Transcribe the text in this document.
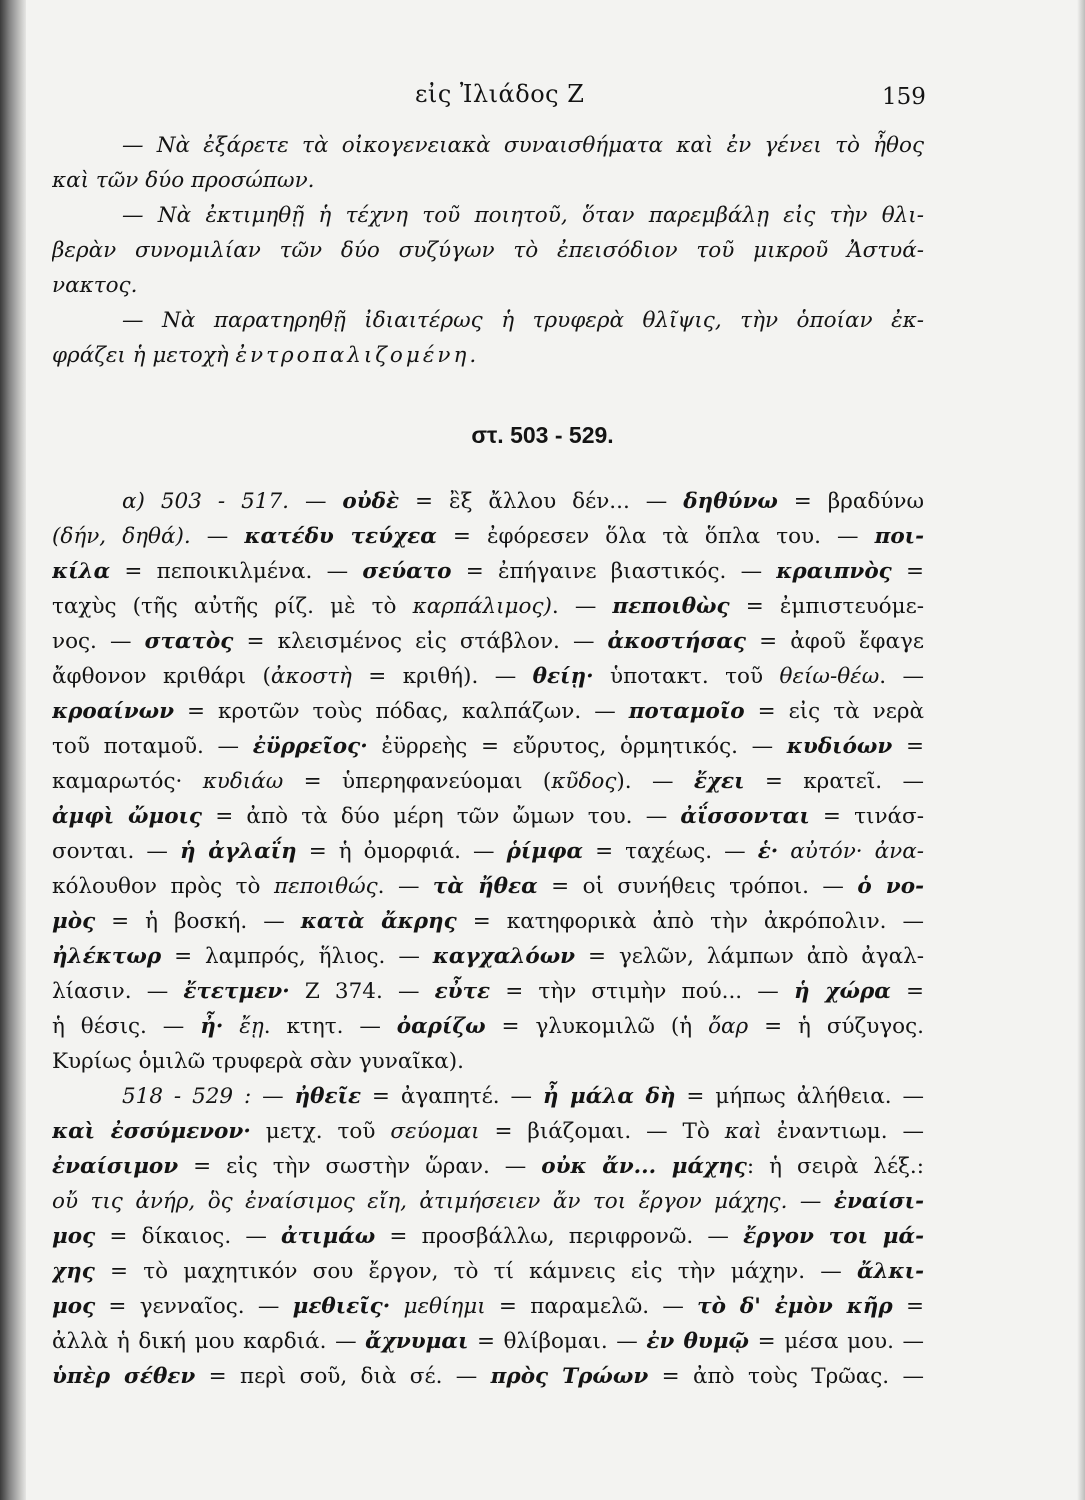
εἰς Ἰλιάδος Ζ	159
— Νὰ ἐξάρετε τὰ οἰκογενειακὰ συναισθήματα καὶ ἐν γένει τὸ ἦθος
καὶ τῶν δύο προσώπων.
— Νὰ ἐκτιμηθῇ ἡ τέχνη τοῦ ποιητοῦ, ὅταν παρεμβάλῃ εἰς τὴν θλι-
βερὰν συνομιλίαν τῶν δύο συζύγων τὸ ἐπεισόδιον τοῦ μικροῦ Ἀστυά-
νακτος.
— Νὰ παρατηρηθῇ ἰδιαιτέρως ἡ τρυφερὰ θλῖψις, τὴν ὁποίαν ἐκ-
φράζει ἡ μετοχὴ ἐντροπαλιζομένη.
στ. 503 - 529.
α) 503 - 517. — οὐδὲ = ἒξ ἄλλου δέν... — δηθύνω = βραδύνω
(δήν, δηθά). — κατέδυ τεύχεα = ἐφόρεσεν ὅλα τὰ ὅπλα του. — ποι-
κίλα = πεποικιλμένα. — σεύατο = ἐπήγαινε βιαστικός. — κραιπνὸς =
ταχὺς (τῆς αὐτῆς ρίζ. μὲ τὸ καρπάλιμος). — πεποιθὼς = ἐμπιστευόμε-
νος. — στατὸς = κλεισμένος εἰς στάβλον. — ἀκοστήσας = ἀφοῦ ἔφαγε
ἄφθονον κριθάρι (ἀκοστὴ = κριθή). — θείῃ· ὑποτακτ. τοῦ θείω-θέω. —
κροαίνων = κροτῶν τοὺς πόδας, καλπάζων. — ποταμοῖο = εἰς τὰ νερὰ
τοῦ ποταμοῦ. — ἐϋρρεῖος· ἐϋρρεὴς = εὔρυτος, ὁρμητικός. — κυδιόων =
καμαρωτός· κυδιάω = ὑπερηφανεύομαι (κῦδος). — ἔχει = κρατεῖ. —
ἀμφὶ ὤμοις = ἀπὸ τὰ δύο μέρη τῶν ὤμων του. — ἀΐσσονται = τινάσ-
σονται. — ἡ ἀγλαΐη = ἡ ὀμορφιά. — ῥίμφα = ταχέως. — ἑ· αὐτόν· ἀνα-
κόλουθον πρὸς τὸ πεποιθώς. — τὰ ἤθεα = οἱ συνήθεις τρόποι. — ὁ νο-
μὸς = ἡ βοσκή. — κατὰ ἄκρης = κατηφορικὰ ἀπὸ τὴν ἀκρόπολιν. —
ἠλέκτωρ = λαμπρός, ἥλιος. — καγχαλόων = γελῶν, λάμπων ἀπὸ ἀγαλ-
λίασιν. — ἔτετμεν· Ζ 374. — εὖτε = τὴν στιμὴν πού... — ἡ χώρα =
ἡ θέσις. — ἦ· ἔῃ. κτητ. — ὀαρίζω = γλυκομιλῶ (ἡ ὄαρ = ἡ σύζυγος.
Κυρίως ὁμιλῶ τρυφερὰ σὰν γυναῖκα).
518 - 529 : — ἠθεῖε = ἀγαπητέ. — ἦ μάλα δὴ = μήπως ἀλήθεια. —
καὶ ἐσσύμενον· μετχ. τοῦ σεύομαι = βιάζομαι. — Τὸ καὶ ἐναντιωμ. —
ἐναίσιμον = εἰς τὴν σωστὴν ὥραν. — οὐκ ἄν... μάχης: ἡ σειρὰ λέξ.:
οὔ τις ἀνήρ, ὃς ἐναίσιμος εἴη, ἀτιμήσειεν ἄν τοι ἔργον μάχης. — ἐναίσι-
μος = δίκαιος. — ἀτιμάω = προσβάλλω, περιφρονῶ. — ἔργον τοι μά-
χης = τὸ μαχητικόν σου ἔργον, τὸ τί κάμνεις εἰς τὴν μάχην. — ἄλκι-
μος = γενναῖος. — μεθιεῖς· μεθίημι = παραμελῶ. — τὸ δ' ἐμὸν κῆρ =
ἀλλὰ ἡ δική μου καρδιά. — ἄχνυμαι = θλίβομαι. — ἐν θυμῷ = μέσα μου. —
ὑπὲρ σέθεν = περὶ σοῦ, διὰ σέ. — πρὸς Τρώων = ἀπὸ τοὺς Τρῶας. —
